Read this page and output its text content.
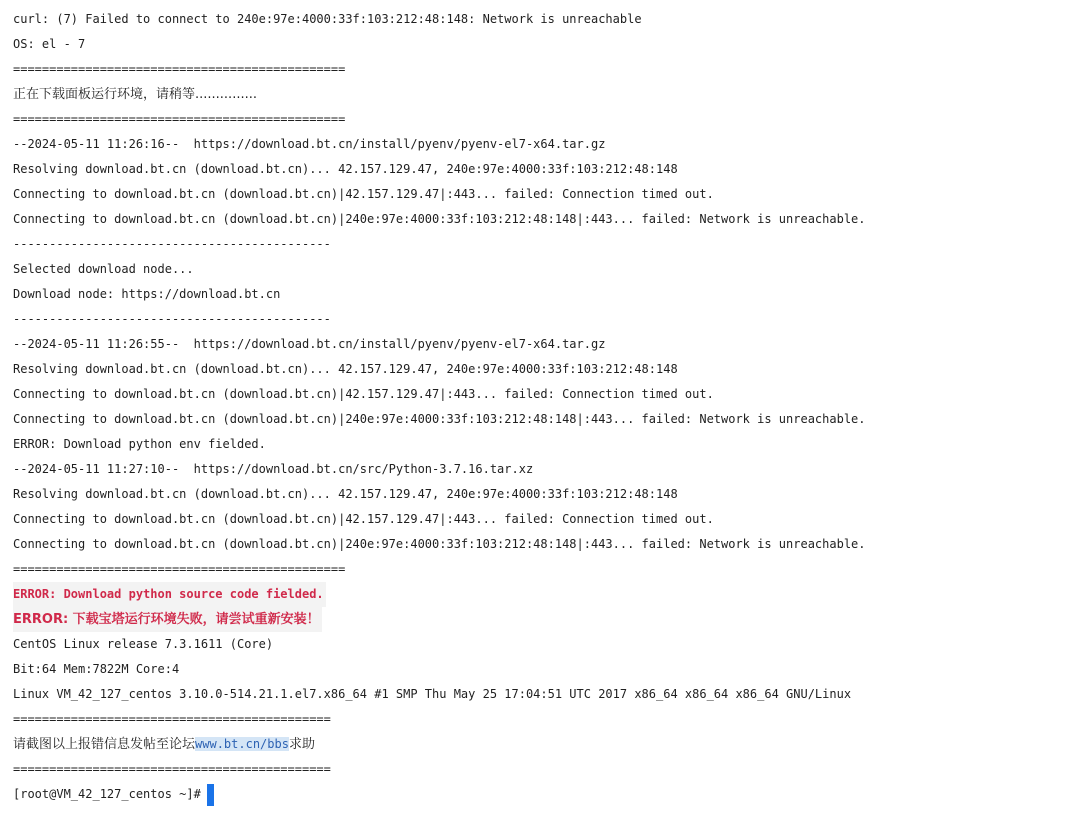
curl: (7) Failed to connect to 240e:97e:4000:33f:103:212:48:148: Network is unreachable
OS: el - 7
==============================================
正在下载面板运行环境，请稍等...............
==============================================
--2024-05-11 11:26:16--  https://download.bt.cn/install/pyenv/pyenv-el7-x64.tar.gz
Resolving download.bt.cn (download.bt.cn)... 42.157.129.47, 240e:97e:4000:33f:103:212:48:148
Connecting to download.bt.cn (download.bt.cn)|42.157.129.47|:443... failed: Connection timed out.
Connecting to download.bt.cn (download.bt.cn)|240e:97e:4000:33f:103:212:48:148|:443... failed: Network is unreachable.
--------------------------------------------
Selected download node...
Download node: https://download.bt.cn
--------------------------------------------
--2024-05-11 11:26:55--  https://download.bt.cn/install/pyenv/pyenv-el7-x64.tar.gz
Resolving download.bt.cn (download.bt.cn)... 42.157.129.47, 240e:97e:4000:33f:103:212:48:148
Connecting to download.bt.cn (download.bt.cn)|42.157.129.47|:443... failed: Connection timed out.
Connecting to download.bt.cn (download.bt.cn)|240e:97e:4000:33f:103:212:48:148|:443... failed: Network is unreachable.
ERROR: Download python env fielded.
--2024-05-11 11:27:10--  https://download.bt.cn/src/Python-3.7.16.tar.xz
Resolving download.bt.cn (download.bt.cn)... 42.157.129.47, 240e:97e:4000:33f:103:212:48:148
Connecting to download.bt.cn (download.bt.cn)|42.157.129.47|:443... failed: Connection timed out.
Connecting to download.bt.cn (download.bt.cn)|240e:97e:4000:33f:103:212:48:148|:443... failed: Network is unreachable.
==============================================
ERROR: Download python source code fielded.
ERROR: 下载宝塔运行环境失败，请尝试重新安装！
CentOS Linux release 7.3.1611 (Core)
Bit:64 Mem:7822M Core:4
Linux VM_42_127_centos 3.10.0-514.21.1.el7.x86_64 #1 SMP Thu May 25 17:04:51 UTC 2017 x86_64 x86_64 x86_64 GNU/Linux
============================================
请截图以上报错信息发帖至论坛www.bt.cn/bbs求助
============================================
[root@VM_42_127_centos ~]#
